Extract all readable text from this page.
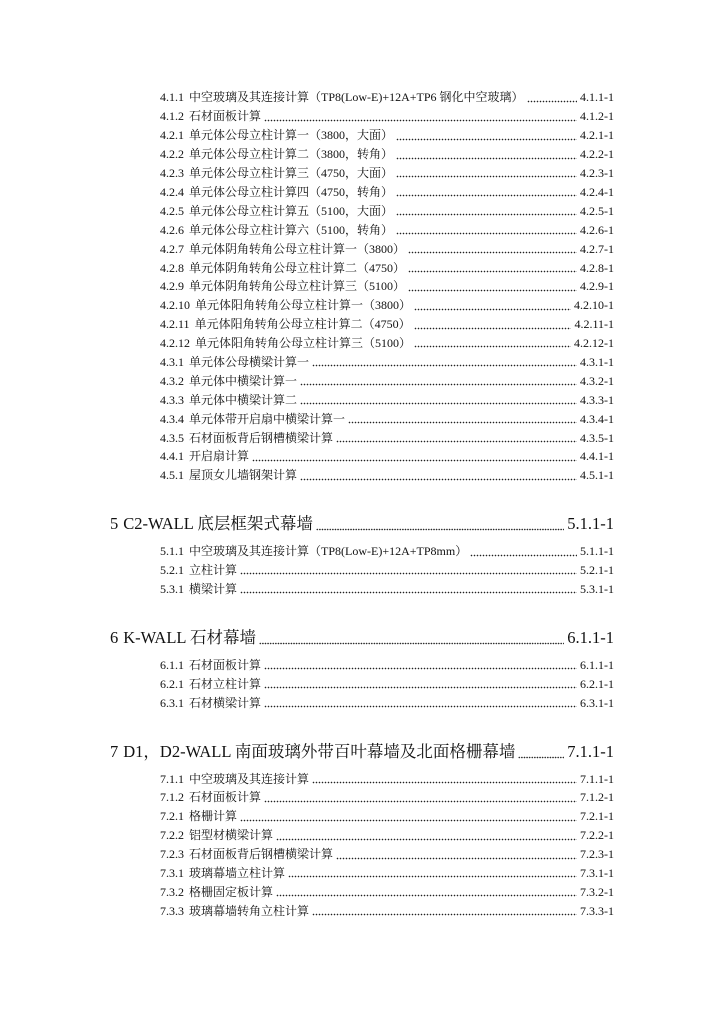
4.1.1 中空玻璃及其连接计算（TP8(Low-E)+12A+TP6 钢化中空玻璃）	4.1.1-1
4.1.2 石材面板计算	4.1.2-1
4.2.1 单元体公母立柱计算一（3800，大面）	4.2.1-1
4.2.2 单元体公母立柱计算二（3800，转角）	4.2.2-1
4.2.3 单元体公母立柱计算三（4750，大面）	4.2.3-1
4.2.4 单元体公母立柱计算四（4750，转角）	4.2.4-1
4.2.5 单元体公母立柱计算五（5100，大面）	4.2.5-1
4.2.6 单元体公母立柱计算六（5100，转角）	4.2.6-1
4.2.7 单元体阴角转角公母立柱计算一（3800）	4.2.7-1
4.2.8 单元体阴角转角公母立柱计算二（4750）	4.2.8-1
4.2.9 单元体阴角转角公母立柱计算三（5100）	4.2.9-1
4.2.10 单元体阳角转角公母立柱计算一（3800）	4.2.10-1
4.2.11 单元体阳角转角公母立柱计算二（4750）	4.2.11-1
4.2.12 单元体阳角转角公母立柱计算三（5100）	4.2.12-1
4.3.1 单元体公母横梁计算一	4.3.1-1
4.3.2 单元体中横梁计算一	4.3.2-1
4.3.3 单元体中横梁计算二	4.3.3-1
4.3.4 单元体带开启扇中横梁计算一	4.3.4-1
4.3.5 石材面板背后钢槽横梁计算	4.3.5-1
4.4.1 开启扇计算	4.4.1-1
4.5.1 屋顶女儿墙钢架计算	4.5.1-1
5 C2-WALL 底层框架式幕墙	5.1.1-1
5.1.1 中空玻璃及其连接计算（TP8(Low-E)+12A+TP8mm）	5.1.1-1
5.2.1 立柱计算	5.2.1-1
5.3.1 横梁计算	5.3.1-1
6 K-WALL 石材幕墙	6.1.1-1
6.1.1 石材面板计算	6.1.1-1
6.2.1 石材立柱计算	6.2.1-1
6.3.1 石材横梁计算	6.3.1-1
7 D1，D2-WALL 南面玻璃外带百叶幕墙及北面格栅幕墙	7.1.1-1
7.1.1 中空玻璃及其连接计算	7.1.1-1
7.1.2 石材面板计算	7.1.2-1
7.2.1 格栅计算	7.2.1-1
7.2.2 铝型材横梁计算	7.2.2-1
7.2.3 石材面板背后钢槽横梁计算	7.2.3-1
7.3.1 玻璃幕墙立柱计算	7.3.1-1
7.3.2 格栅固定板计算	7.3.2-1
7.3.3 玻璃幕墙转角立柱计算	7.3.3-1
